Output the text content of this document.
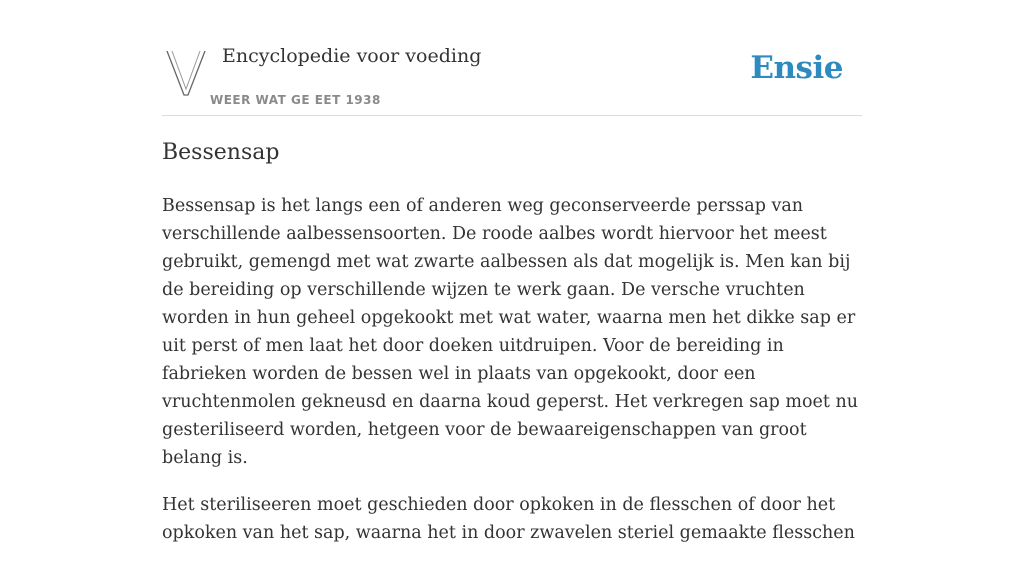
Encyclopedie voor voeding
WEER WAT GE EET 1938
Ensie
Bessensap

Bessensap is het langs een of anderen weg geconserveerde perssap van verschillende aalbessensoorten. De roode aalbes wordt hiervoor het meest gebruikt, gemengd met wat zwarte aalbessen als dat mogelijk is. Men kan bij de bereiding op verschillende wijzen te werk gaan. De versche vruchten worden in hun geheel opgekookt met wat water, waarna men het dikke sap er uit perst of men laat het door doeken uitdruipen. Voor de bereiding in fabrieken worden de bessen wel in plaats van opgekookt, door een vruchtenmolen gekneusd en daarna koud geperst. Het verkregen sap moet nu gesteriliseerd worden, hetgeen voor de bewaareigenschappen van groot belang is.

Het steriliseeren moet geschieden door opkoken in de flesschen of door het opkoken van het sap, waarna het in door zwavelen steriel gemaakte flesschen
